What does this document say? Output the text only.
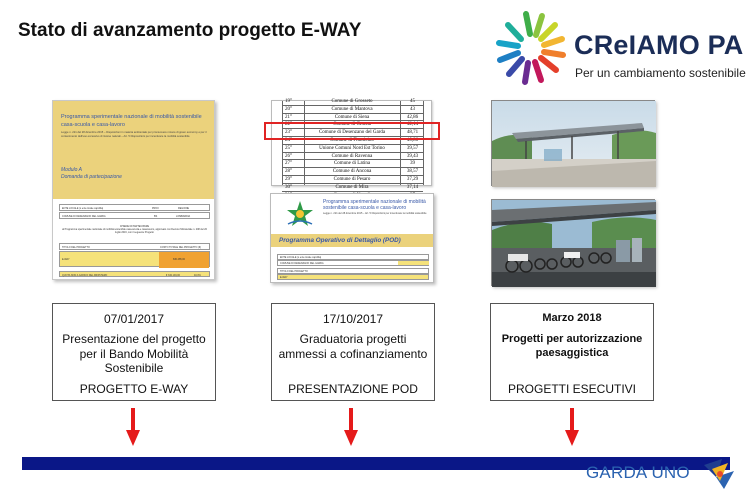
Stato di avanzamento progetto E-WAY	CReIAMO PA
Per un cambiamento sostenibile
Programma sperimentale nazionale di mobilità sostenibile casa-scuola e casa-lavoro
Legge n. 221 del 28 dicembre 2015 – Disposizioni in materia ambientale per promuovere misure di green economy e per il contenimento dell'uso eccessivo di risorse naturali – Art. 5 Disposizioni per incentivare la mobilità sostenibile
Modulo A
Domanda di partecipazione
ENTE LOCALE (o ente locale capofila)	PROV.	REGIONE
COMUNE DI DESENZANO DEL GARDA	BS	LOMBARDIA
CHIEDE DI PARTECIPARE
al Programma sperimentale nazionale di mobilità sostenibile casa-scuola e casa-lavoro, approvato con Decreto Ministeriale n. 208 del 20 luglio 2016, con il seguente Progetto
TITOLO DEL PROGETTO	COSTO TOTALE DEL PROGETTO (€)
E-WAY	830.485,00
QUOTA NON A CARICO DEL MINISTERO	€ 332.194,00	40,0%
19°	Comune di Grosseto	45
20°	Comune di Mantova	43
21°	Comune di Siena	42,86
22°	Comune di Cesena	42,14
23°	Comune di Desenzano del Garda	48,71
24°	Comune di Fiumicino	40,86
25°	Unione Comuni Nord Est Torino	39,57
26°	Comune di Ravenna	39,43
27°	Comune di Latina	39
28°	Comune di Ancona	38,57
29°	Comune di Pesaro	37,29
30°	Comune di Mira	37,14
Programma sperimentale nazionale di mobilità sostenibile casa-scuola e casa-lavoro
Legge n. 221 del 28 dicembre 2015 – Art. 5 Disposizioni per incentivare la mobilità sostenibile
Programma Operativo di Dettaglio (POD)
ENTE LOCALE (o ente locale capofila)
COMUNE DI DESENZANO DEL GARDA
TITOLO DEL PROGETTO
E-WAY
07/01/2017
Presentazione del progetto per il Bando Mobilità Sostenibile
PROGETTO E-WAY
17/10/2017
Graduatoria progetti ammessi a cofinanziamento
PRESENTAZIONE POD
Marzo 2018
Progetti per autorizzazione paesaggistica
PROGETTI ESECUTIVI
GARDA UNO
